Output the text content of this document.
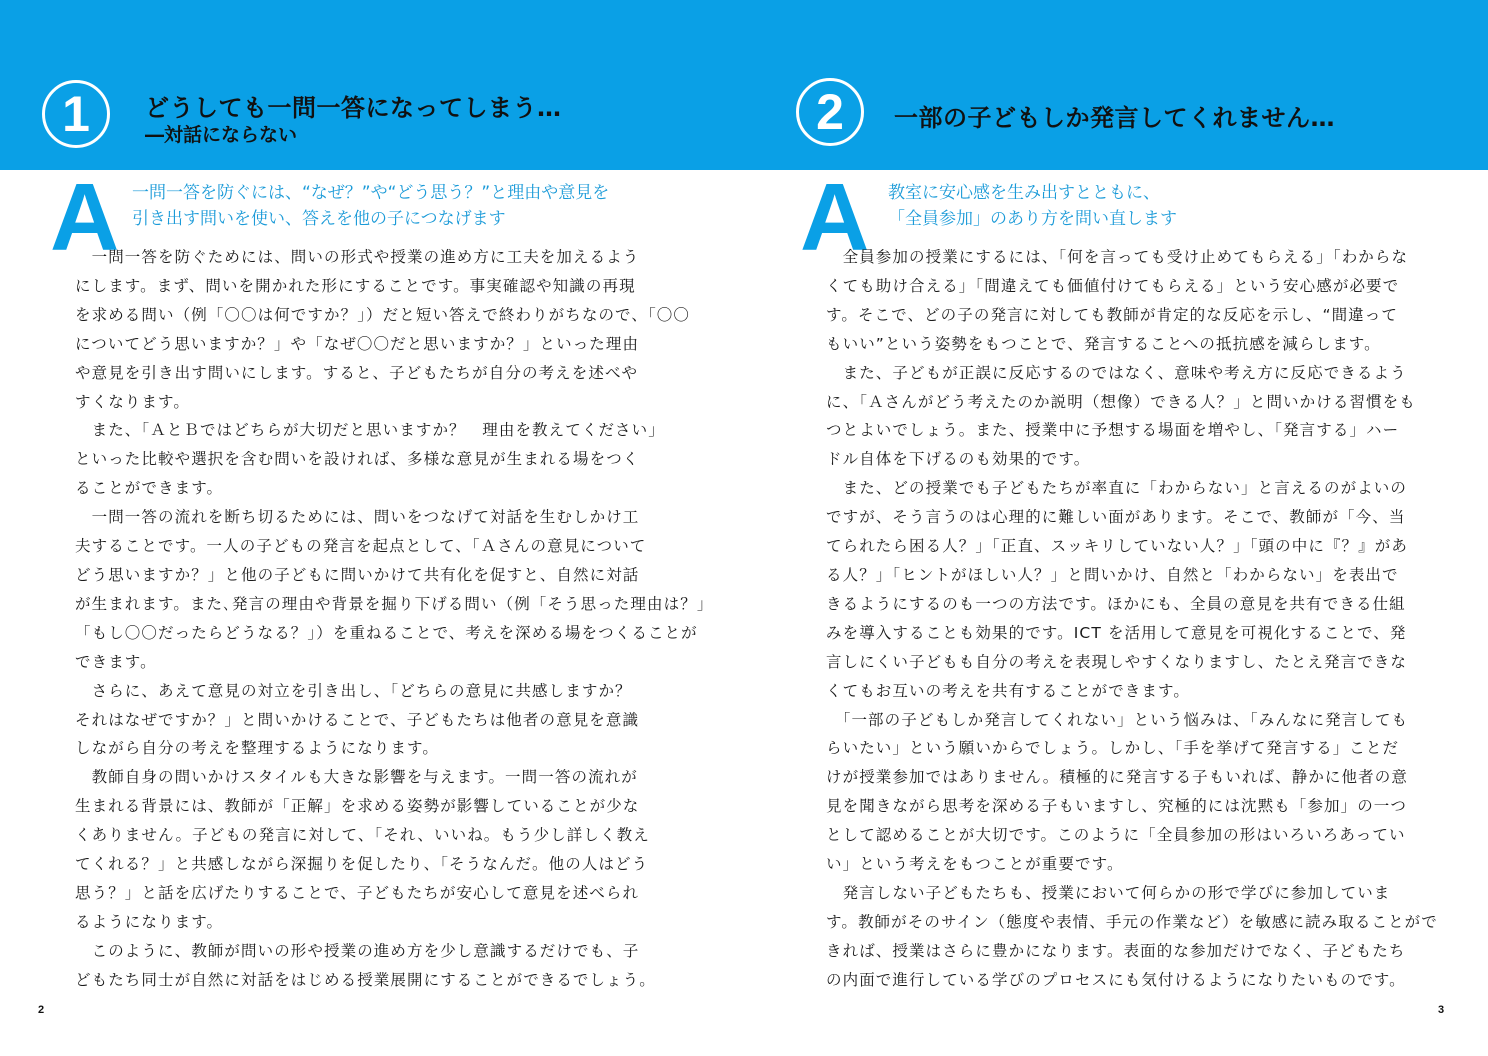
1	どうしても一問一答になってしまう…
―対話にならない
A 一問一答を防ぐには、“なぜ？”や“どう思う？”と理由や意見を
引き出す問いを使い、答えを他の子につなげます
　一問一答を防ぐためには、問いの形式や授業の進め方に工夫を加えるよう
にします。まず、問いを開かれた形にすることです。事実確認や知識の再現
を求める問い（例「〇〇は何ですか？」）だと短い答えで終わりがちなので、「〇〇
についてどう思いますか？」や「なぜ〇〇だと思いますか？」といった理由
や意見を引き出す問いにします。すると、子どもたちが自分の考えを述べや
すくなります。
　また、「ＡとＢではどちらが大切だと思いますか？　理由を教えてください」
といった比較や選択を含む問いを設ければ、多様な意見が生まれる場をつく
ることができます。
　一問一答の流れを断ち切るためには、問いをつなげて対話を生むしかけ工
夫することです。一人の子どもの発言を起点として、「Ａさんの意見について
どう思いますか？」と他の子どもに問いかけて共有化を促すと、自然に対話
が生まれます。また､発言の理由や背景を掘り下げる問い（例「そう思った理由は？」
「もし〇〇だったらどうなる？」）を重ねることで、考えを深める場をつくることが
できます。
　さらに、あえて意見の対立を引き出し、「どちらの意見に共感しますか？
それはなぜですか？」と問いかけることで、子どもたちは他者の意見を意識
しながら自分の考えを整理するようになります。
　教師自身の問いかけスタイルも大きな影響を与えます。一問一答の流れが
生まれる背景には、教師が「正解」を求める姿勢が影響していることが少な
くありません。子どもの発言に対して、「それ、いいね。もう少し詳しく教え
てくれる？」と共感しながら深掘りを促したり、「そうなんだ。他の人はどう
思う？」と話を広げたりすることで、子どもたちが安心して意見を述べられ
るようになります。
　このように、教師が問いの形や授業の進め方を少し意識するだけでも、子
どもたち同士が自然に対話をはじめる授業展開にすることができるでしょう。
2
2	一部の子どもしか発言してくれません…
A 教室に安心感を生み出すとともに、
「全員参加」のあり方を問い直します
　全員参加の授業にするには、「何を言っても受け止めてもらえる」「わからな
くても助け合える」「間違えても価値付けてもらえる」という安心感が必要で
す。そこで、どの子の発言に対しても教師が肯定的な反応を示し、“間違って
もいい”という姿勢をもつことで、発言することへの抵抗感を減らします。
　また、子どもが正誤に反応するのではなく、意味や考え方に反応できるよう
に、「Ａさんがどう考えたのか説明（想像）できる人？」と問いかける習慣をも
つとよいでしょう。また、授業中に予想する場面を増やし、「発言する」ハー
ドル自体を下げるのも効果的です。
　また、どの授業でも子どもたちが率直に「わからない」と言えるのがよいの
ですが、そう言うのは心理的に難しい面があります。そこで、教師が「今、当
てられたら困る人？」「正直、スッキリしていない人？」「頭の中に『？』があ
る人？」「ヒントがほしい人？」と問いかけ、自然と「わからない」を表出で
きるようにするのも一つの方法です。ほかにも、全員の意見を共有できる仕組
みを導入することも効果的です。ICT を活用して意見を可視化することで、発
言しにくい子どもも自分の考えを表現しやすくなりますし、たとえ発言できな
くてもお互いの考えを共有することができます。
　「一部の子どもしか発言してくれない」という悩みは、「みんなに発言しても
らいたい」という願いからでしょう。しかし、「手を挙げて発言する」ことだ
けが授業参加ではありません。積極的に発言する子もいれば、静かに他者の意
見を聞きながら思考を深める子もいますし、究極的には沈黙も「参加」の一つ
として認めることが大切です。このように「全員参加の形はいろいろあってい
い」という考えをもつことが重要です。
　発言しない子どもたちも、授業において何らかの形で学びに参加していま
す。教師がそのサイン（態度や表情、手元の作業など）を敏感に読み取ることがで
きれば、授業はさらに豊かになります。表面的な参加だけでなく、子どもたち
の内面で進行している学びのプロセスにも気付けるようになりたいものです。
3
